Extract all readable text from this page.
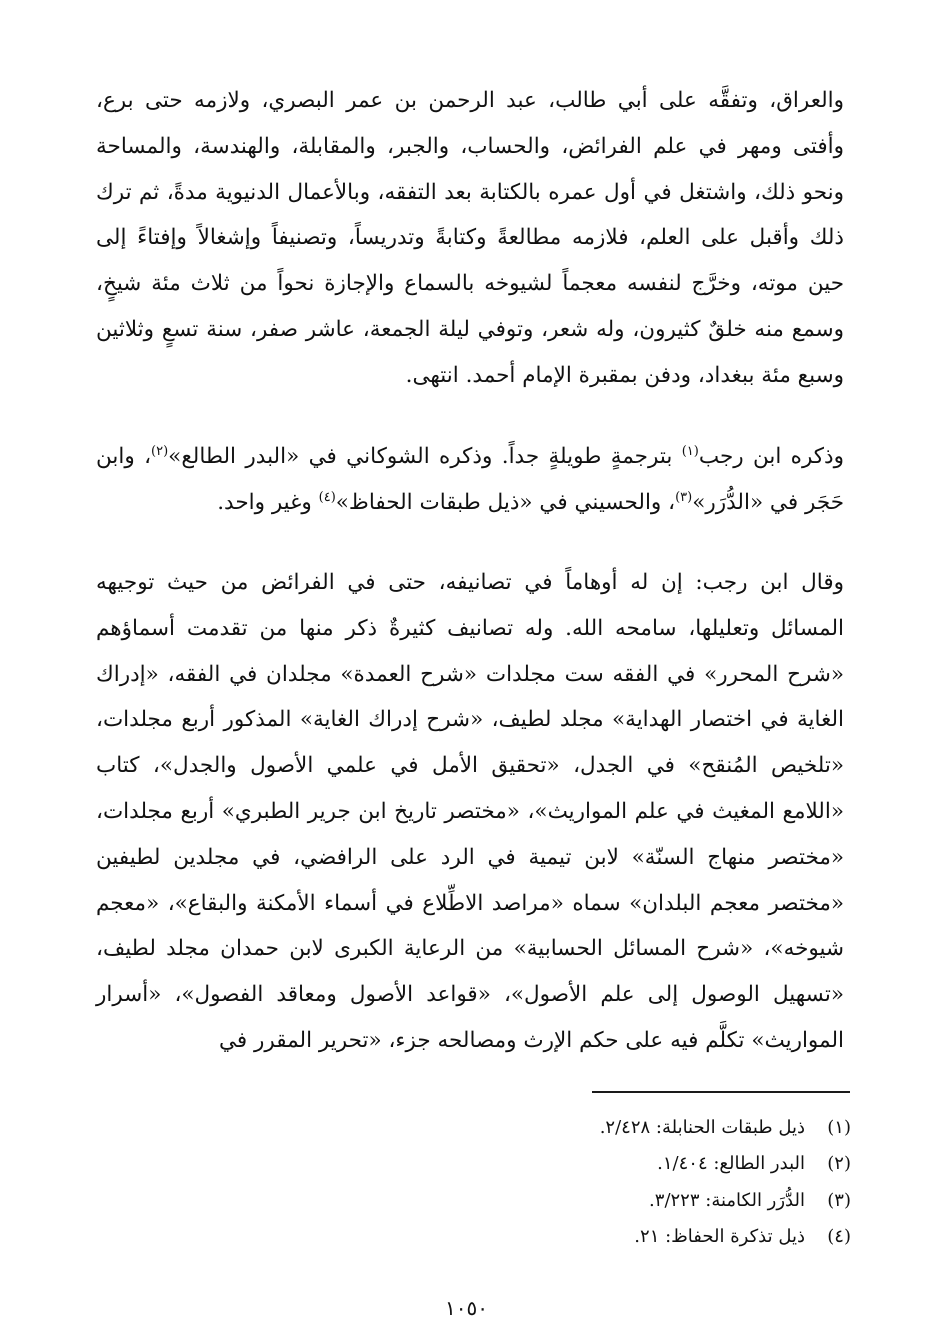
والعراق، وتفقَّه على أبي طالب، عبد الرحمن بن عمر البصري، ولازمه حتى برع، وأفتى ومهر في علم الفرائض، والحساب، والجبر، والمقابلة، والهندسة، والمساحة ونحو ذلك، واشتغل في أول عمره بالكتابة بعد التفقه، وبالأعمال الدنيوية مدةً، ثم ترك ذلك وأقبل على العلم، فلازمه مطالعةً وكتابةً وتدريساً، وتصنيفاً وإشغالاً وإفتاءً إلى حين موته، وخرَّج لنفسه معجماً لشيوخه بالسماع والإجازة نحواً من ثلاث مئة شيخٍ، وسمع منه خلقٌ كثيرون، وله شعر، وتوفي ليلة الجمعة، عاشر صفر، سنة تسعٍ وثلاثين وسبع مئة ببغداد، ودفن بمقبرة الإمام أحمد. انتهى.

وذكره ابن رجب$^{(١)}$ بترجمةٍ طويلةٍ جداً. وذكره الشوكاني في «البدر الطالع»$^{(٢)}$، وابن حَجَر في «الدُّرَر»$^{(٣)}$، والحسيني في «ذيل طبقات الحفاظ»$^{(٤)}$ وغير واحد.

وقال ابن رجب: إن له أوهاماً في تصانيفه، حتى في الفرائض من حيث توجيهه المسائل وتعليلها، سامحه الله. وله تصانيف كثيرةٌ ذكر منها من تقدمت أسماؤهم «شرح المحرر» في الفقه ست مجلدات «شرح العمدة» مجلدان في الفقه، «إدراك الغاية في اختصار الهداية» مجلد لطيف، «شرح إدراك الغاية» المذكور أربع مجلدات، «تلخيص المُنقح» في الجدل، «تحقيق الأمل في علمي الأصول والجدل»، كتاب «اللامع المغيث في علم المواريث»، «مختصر تاريخ ابن جرير الطبري» أربع مجلدات، «مختصر منهاج السنّة» لابن تيمية في الرد على الرافضي، في مجلدين لطيفين «مختصر معجم البلدان» سماه «مراصد الاطِّلاع في أسماء الأمكنة والبقاع»، «معجم شيوخه»، «شرح المسائل الحسابية» من الرعاية الكبرى لابن حمدان مجلد لطيف، «تسهيل الوصول إلى علم الأصول»، «قواعد الأصول ومعاقد الفصول»، «أسرار المواريث» تكلَّم فيه على حكم الإرث ومصالحه جزء، «تحرير المقرر في

(١)ذيل طبقات الحنابلة: ٢/٤٢٨.
(٢)البدر الطالع: ١/٤٠٤.
(٣)الدُّرَر الكامنة: ٣/٢٢٣.
(٤)ذيل تذكرة الحفاظ: ٢١.
١٠٥٠
